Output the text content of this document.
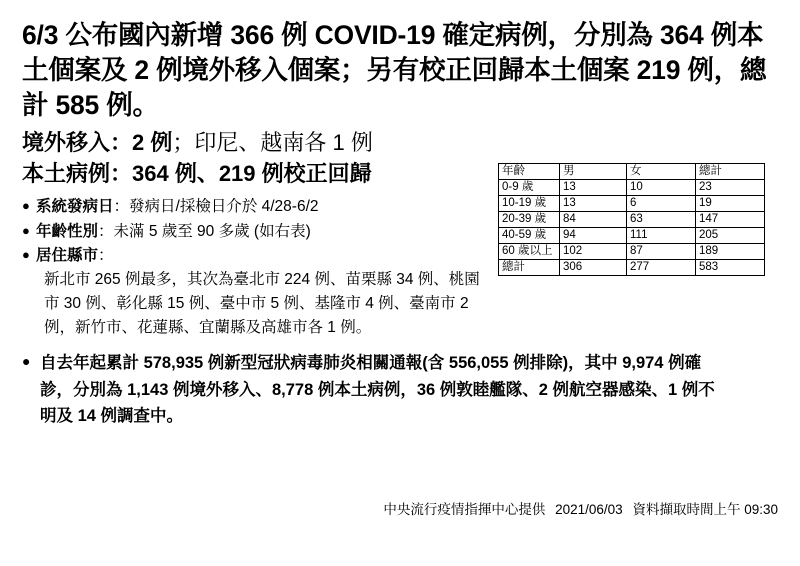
6/3 公布國內新增 366 例 COVID-19 確定病例，分別為 364 例本土個案及 2 例境外移入個案；另有校正回歸本土個案 219 例，總計 585 例。
境外移入：2 例；印尼、越南各 1 例
本土病例：364 例、219 例校正回歸
● 系統發病日：發病日/採檢日介於 4/28-6/2
● 年齡性別：未滿 5 歲至 90 多歲 (如右表)
● 居住縣市：
新北市 265 例最多，其次為臺北市 224 例、苗栗縣 34 例、桃園市 30 例、彰化縣 15 例、臺中市 5 例、基隆市 4 例、臺南市 2 例，新竹市、花蓮縣、宜蘭縣及高雄市各 1 例。
● 自去年起累計 578,935 例新型冠狀病毒肺炎相關通報(含 556,055 例排除)，其中 9,974 例確診，分別為 1,143 例境外移入、8,778 例本土病例，36 例敦睦艦隊、2 例航空器感染、1 例不明及 14 例調查中。
年齡	男	女	總計
0-9 歲	13	10	23
10-19 歲	13	6	19
20-39 歲	84	63	147
40-59 歲	94	111	205
60 歲以上	102	87	189
總計	306	277	583
中央流行疫情指揮中心提供 2021/06/03 資料擷取時間上午 09:30
